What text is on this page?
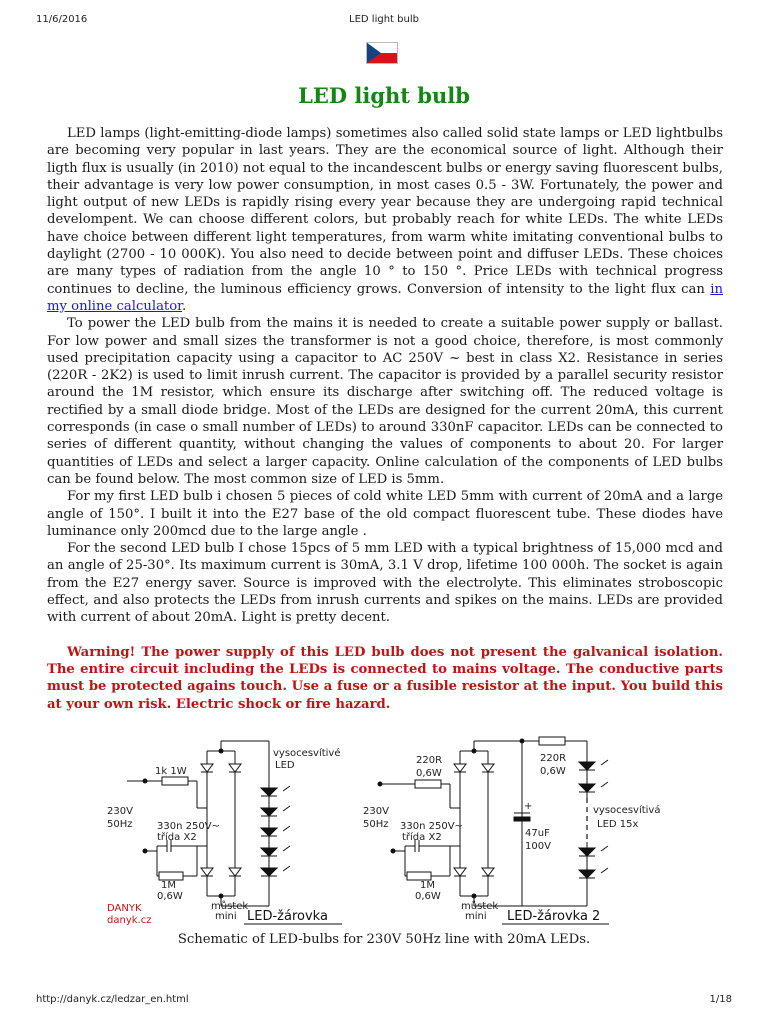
11/6/2016	LED light bulb
LED light bulb

LED lamps (light-emitting-diode lamps) sometimes also called solid state lamps or LED lightbulbs are becoming very popular in last years. They are the economical source of light. Although their ligth flux is usually (in 2010) not equal to the incandescent bulbs or energy saving fluorescent bulbs, their advantage is very low power consumption, in most cases 0.5 - 3W. Fortunately, the power and light output of new LEDs is rapidly rising every year because they are undergoing rapid technical develompent. We can choose different colors, but probably reach for white LEDs. The white LEDs have choice between different light temperatures, from warm white imitating conventional bulbs to daylight (2700 - 10 000K). You also need to decide between point and diffuser LEDs. These choices are many types of radiation from the angle 10 ° to 150 °. Price LEDs with technical progress continues to decline, the luminous efficiency grows. Conversion of intensity to the light flux can in my online calculator.

To power the LED bulb from the mains it is needed to create a suitable power supply or ballast. For low power and small sizes the transformer is not a good choice, therefore, is most commonly used precipitation capacity using a capacitor to AC 250V ~ best in class X2. Resistance in series (220R - 2K2) is used to limit inrush current. The capacitor is provided by a parallel security resistor around the 1M resistor, which ensure its discharge after switching off. The reduced voltage is rectified by a small diode bridge. Most of the LEDs are designed for the current 20mA, this current corresponds (in case o small number of LEDs) to around 330nF capacitor. LEDs can be connected to series of different quantity, without changing the values of components to about 20. For larger quantities of LEDs and select a larger capacity. Online calculation of the components of LED bulbs can be found below. The most common size of LED is 5mm.

For my first LED bulb i chosen 5 pieces of cold white LED 5mm with current of 20mA and a large angle of 150°. I built it into the E27 base of the old compact fluorescent tube. These diodes have luminance only 200mcd due to the large angle .

For the second LED bulb I chose 15pcs of 5 mm LED with a typical brightness of 15,000 mcd and an angle of 25-30°. Its maximum current is 30mA, 3.1 V drop, lifetime 100 000h. The socket is again from the E27 energy saver. Source is improved with the electrolyte. This eliminates stroboscopic effect, and also protects the LEDs from inrush currents and spikes on the mains. LEDs are provided with current of about 20mA. Light is pretty decent.

Warning! The power supply of this LED bulb does not present the galvanical isolation. The entire circuit including the LEDs is connected to mains voltage. The conductive parts must be protected agains touch. Use a fuse or a fusible resistor at the input. You build this at your own risk. Electric shock or fire hazard.

1k 1W
230V
50Hz 330n 250V~
třída X2
1M
0,6W
vysocesvítivé
LED
můstek
mini
DANYK
danyk.cz	LED-žárovka
220R
0,6W
220R
0,6W
230V
50Hz 330n 250V~
třída X2
1M
0,6W
+
47uF
100V
vysocesvítivá
LED 15x
můstek
mini LED-žárovka 2
Schematic of LED-bulbs for 230V 50Hz line with 20mA LEDs.
http://danyk.cz/ledzar_en.html	1/18
